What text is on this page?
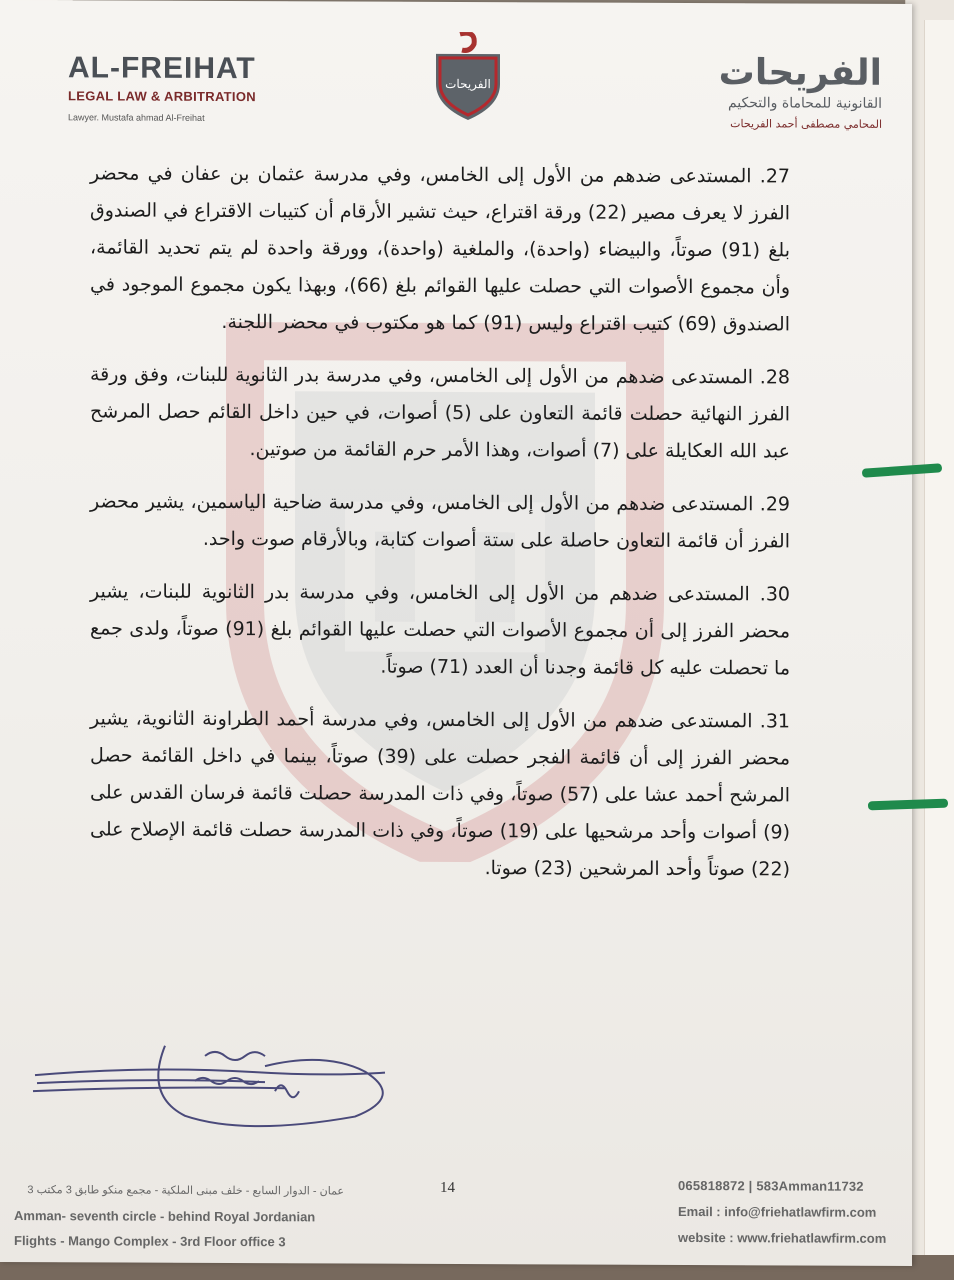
AL-FREIHAT
LEGAL LAW & ARBITRATION
Lawyer. Mustafa ahmad Al-Freihat
الفريحات	الفريحات
القانونية للمحاماة والتحكيم
المحامي مصطفى أحمد الفريحات

27. المستدعى ضدهم من الأول إلى الخامس، وفي مدرسة عثمان بن عفان في محضر الفرز لا يعرف مصير (22) ورقة اقتراع، حيث تشير الأرقام أن كتيبات الاقتراع في الصندوق بلغ (91) صوتاً، والبيضاء (واحدة)، والملغية (واحدة)، وورقة واحدة لم يتم تحديد القائمة، وأن مجموع الأصوات التي حصلت عليها القوائم بلغ (66)، وبهذا يكون مجموع الموجود في الصندوق (69) كتيب اقتراع وليس (91) كما هو مكتوب في محضر اللجنة.

28. المستدعى ضدهم من الأول إلى الخامس، وفي مدرسة بدر الثانوية للبنات، وفق ورقة الفرز النهائية حصلت قائمة التعاون على (5) أصوات، في حين داخل القائم حصل المرشح عبد الله العكايلة على (7) أصوات، وهذا الأمر حرم القائمة من صوتين.

29. المستدعى ضدهم من الأول إلى الخامس، وفي مدرسة ضاحية الياسمين، يشير محضر الفرز أن قائمة التعاون حاصلة على ستة أصوات كتابة، وبالأرقام صوت واحد.

30. المستدعى ضدهم من الأول إلى الخامس، وفي مدرسة بدر الثانوية للبنات، يشير محضر الفرز إلى أن مجموع الأصوات التي حصلت عليها القوائم بلغ (91) صوتاً، ولدى جمع ما تحصلت عليه كل قائمة وجدنا أن العدد (71) صوتاً.

31. المستدعى ضدهم من الأول إلى الخامس، وفي مدرسة أحمد الطراونة الثانوية، يشير محضر الفرز إلى أن قائمة الفجر حصلت على (39) صوتاً، بينما في داخل القائمة حصل المرشح أحمد عشا على (57) صوتاً، وفي ذات المدرسة حصلت قائمة فرسان القدس على (9) أصوات وأحد مرشحيها على (19) صوتاً، وفي ذات المدرسة حصلت قائمة الإصلاح على (22) صوتاً وأحد المرشحين (23) صوتا.

14
عمان - الدوار السابع - خلف مبنى الملكية - مجمع منكو طابق 3 مكتب 3
Amman- seventh circle - behind Royal Jordanian
Flights - Mango Complex - 3rd Floor office 3
065818872 | 583Amman11732
Email : info@friehatlawfirm.com
website : www.friehatlawfirm.com
